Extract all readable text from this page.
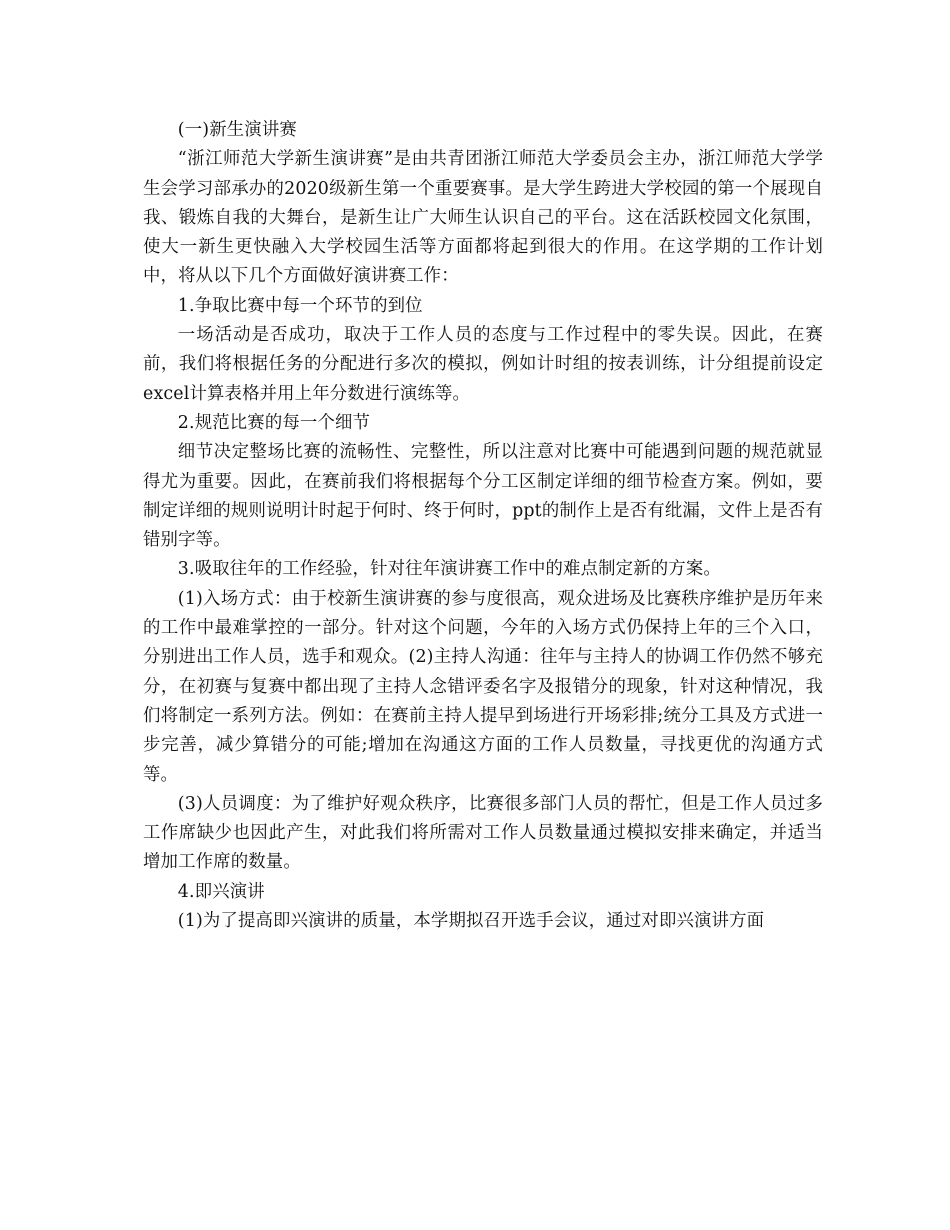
(一)新生演讲赛

“浙江师范大学新生演讲赛”是由共青团浙江师范大学委员会主办，浙江师范大学学生会学习部承办的2020级新生第一个重要赛事。是大学生跨进大学校园的第一个展现自我、锻炼自我的大舞台，是新生让广大师生认识自己的平台。这在活跃校园文化氛围，使大一新生更快融入大学校园生活等方面都将起到很大的作用。在这学期的工作计划中，将从以下几个方面做好演讲赛工作：

1.争取比赛中每一个环节的到位

一场活动是否成功，取决于工作人员的态度与工作过程中的零失误。因此，在赛前，我们将根据任务的分配进行多次的模拟，例如计时组的按表训练，计分组提前设定excel计算表格并用上年分数进行演练等。

2.规范比赛的每一个细节

细节决定整场比赛的流畅性、完整性，所以注意对比赛中可能遇到问题的规范就显得尤为重要。因此，在赛前我们将根据每个分工区制定详细的细节检查方案。例如，要制定详细的规则说明计时起于何时、终于何时，ppt的制作上是否有纰漏，文件上是否有错别字等。

3.吸取往年的工作经验，针对往年演讲赛工作中的难点制定新的方案。

(1)入场方式：由于校新生演讲赛的参与度很高，观众进场及比赛秩序维护是历年来的工作中最难掌控的一部分。针对这个问题，今年的入场方式仍保持上年的三个入口，分别进出工作人员，选手和观众。(2)主持人沟通：往年与主持人的协调工作仍然不够充分，在初赛与复赛中都出现了主持人念错评委名字及报错分的现象，针对这种情况，我们将制定一系列方法。例如：在赛前主持人提早到场进行开场彩排;统分工具及方式进一步完善，减少算错分的可能;增加在沟通这方面的工作人员数量，寻找更优的沟通方式等。

(3)人员调度：为了维护好观众秩序，比赛很多部门人员的帮忙，但是工作人员过多工作席缺少也因此产生，对此我们将所需对工作人员数量通过模拟安排来确定，并适当增加工作席的数量。

4.即兴演讲

(1)为了提高即兴演讲的质量，本学期拟召开选手会议，通过对即兴演讲方面
